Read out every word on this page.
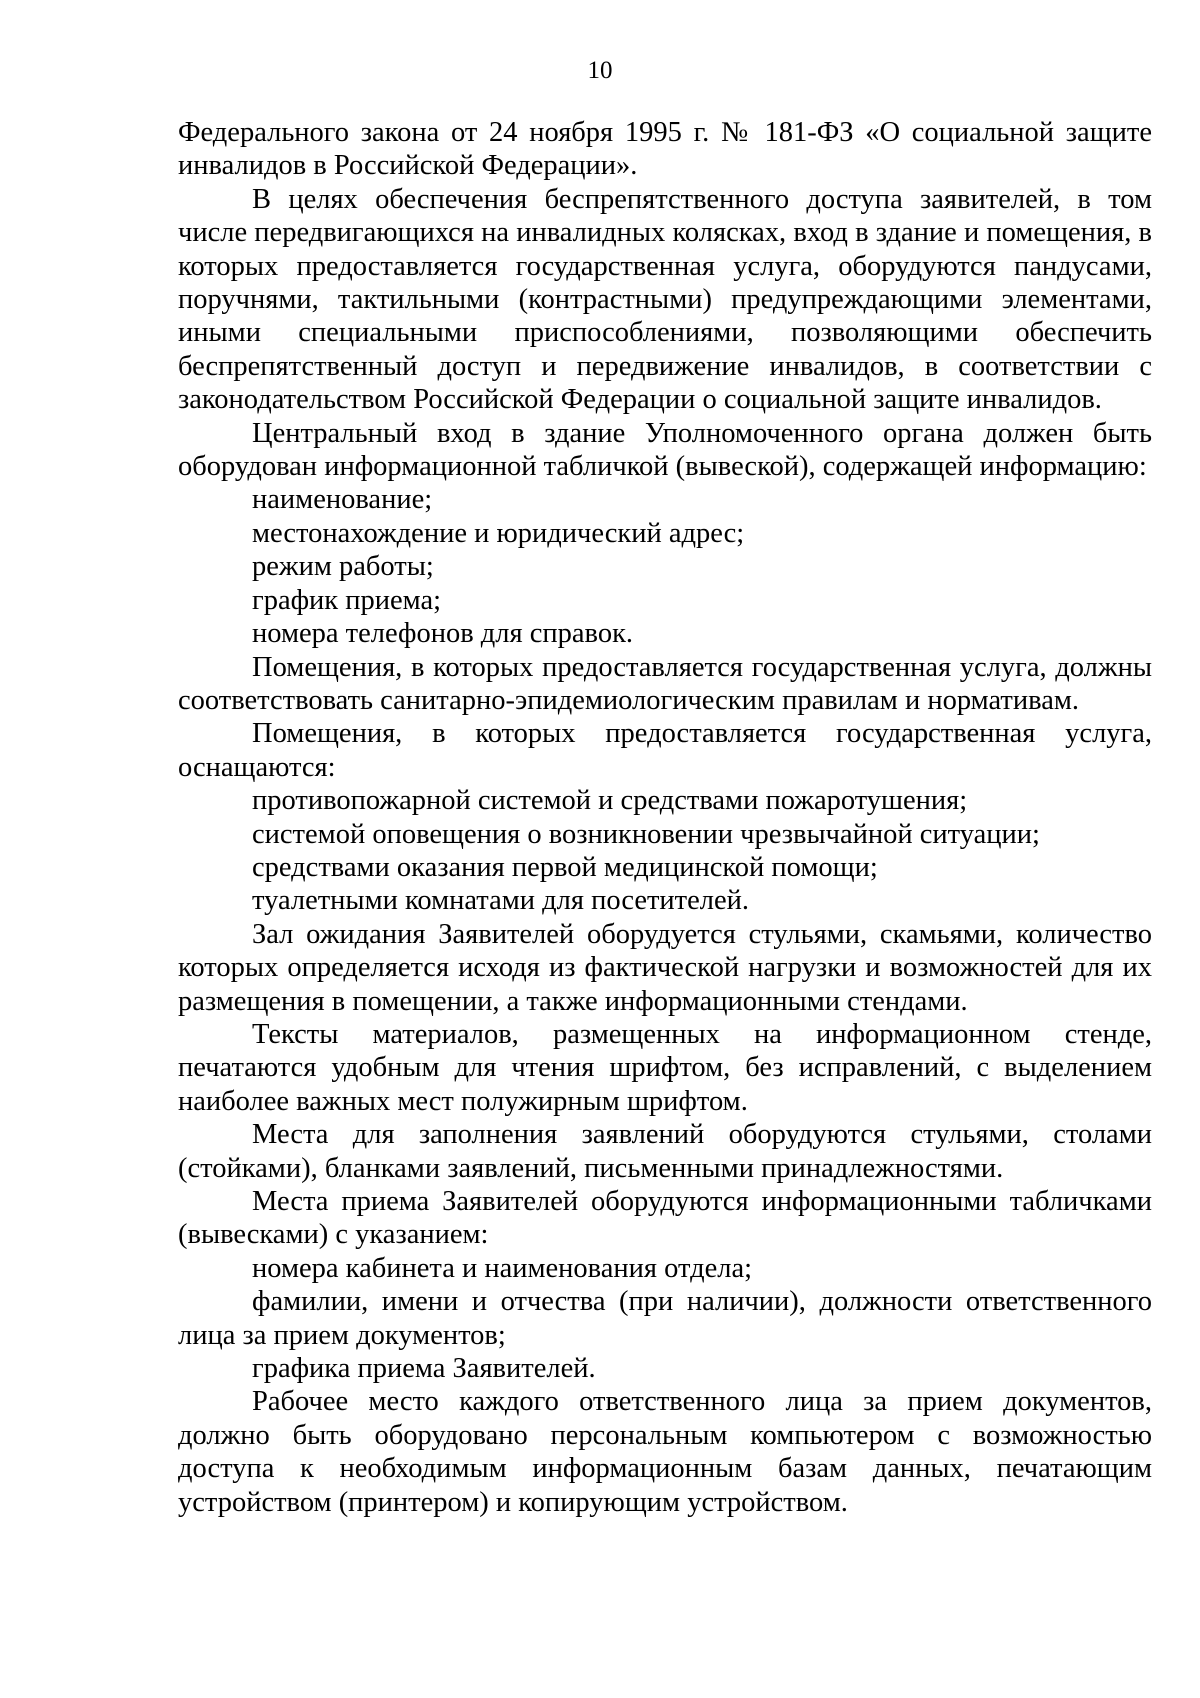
10

Федерального закона от 24 ноября 1995 г. № 181-ФЗ «О социальной защите инвалидов в Российской Федерации».

В целях обеспечения беспрепятственного доступа заявителей, в том числе передвигающихся на инвалидных колясках, вход в здание и помещения, в которых предоставляется государственная услуга, оборудуются пандусами, поручнями, тактильными (контрастными) предупреждающими элементами, иными специальными приспособлениями, позволяющими обеспечить беспрепятственный доступ и передвижение инвалидов, в соответствии с законодательством Российской Федерации о социальной защите инвалидов.

Центральный вход в здание Уполномоченного органа должен быть оборудован информационной табличкой (вывеской), содержащей информацию:

наименование;

местонахождение и юридический адрес;

режим работы;

график приема;

номера телефонов для справок.

Помещения, в которых предоставляется государственная услуга, должны соответствовать санитарно-эпидемиологическим правилам и нормативам.

Помещения, в которых предоставляется государственная услуга, оснащаются:

противопожарной системой и средствами пожаротушения;

системой оповещения о возникновении чрезвычайной ситуации;

средствами оказания первой медицинской помощи;

туалетными комнатами для посетителей.

Зал ожидания Заявителей оборудуется стульями, скамьями, количество которых определяется исходя из фактической нагрузки и возможностей для их размещения в помещении, а также информационными стендами.

Тексты материалов, размещенных на информационном стенде, печатаются удобным для чтения шрифтом, без исправлений, с выделением наиболее важных мест полужирным шрифтом.

Места для заполнения заявлений оборудуются стульями, столами (стойками), бланками заявлений, письменными принадлежностями.

Места приема Заявителей оборудуются информационными табличками (вывесками) с указанием:

номера кабинета и наименования отдела;

фамилии, имени и отчества (при наличии), должности ответственного лица за прием документов;

графика приема Заявителей.

Рабочее место каждого ответственного лица за прием документов, должно быть оборудовано персональным компьютером с возможностью доступа к необходимым информационным базам данных, печатающим устройством (принтером) и копирующим устройством.
